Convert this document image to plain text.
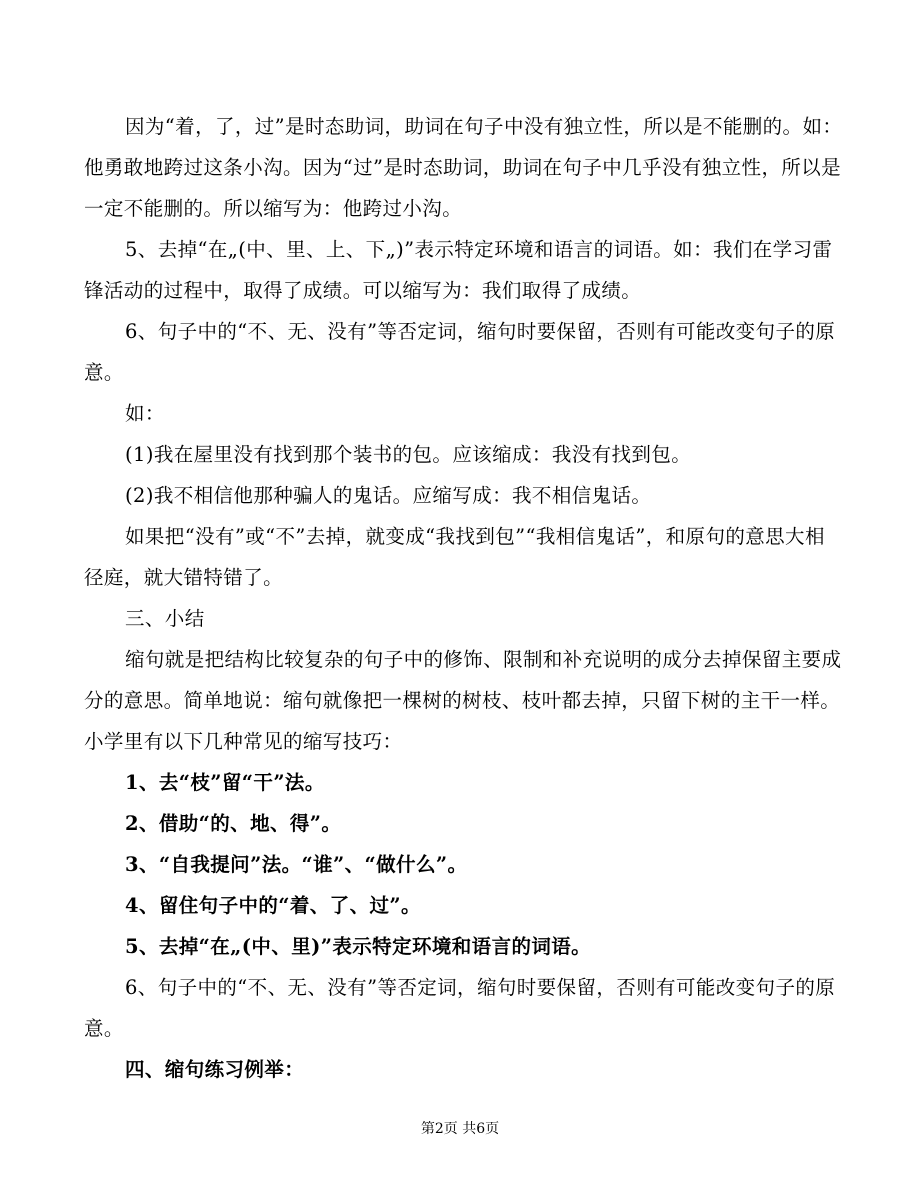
因为“着，了，过”是时态助词，助词在句子中没有独立性，所以是不能删的。如：他勇敢地跨过这条小沟。因为“过”是时态助词，助词在句子中几乎没有独立性，所以是一定不能删的。所以缩写为：他跨过小沟。

5、去掉“在„(中、里、上、下„)”表示特定环境和语言的词语。如：我们在学习雷锋活动的过程中，取得了成绩。可以缩写为：我们取得了成绩。

6、句子中的“不、无、没有”等否定词，缩句时要保留，否则有可能改变句子的原意。

如：

(1)我在屋里没有找到那个装书的包。应该缩成：我没有找到包。

(2)我不相信他那种骗人的鬼话。应缩写成：我不相信鬼话。

如果把“没有”或“不”去掉，就变成“我找到包”“我相信鬼话”，和原句的意思大相径庭，就大错特错了。

三、小结

缩句就是把结构比较复杂的句子中的修饰、限制和补充说明的成分去掉保留主要成分的意思。简单地说：缩句就像把一棵树的树枝、枝叶都去掉，只留下树的主干一样。小学里有以下几种常见的缩写技巧：

1、去“枝”留“干”法。

2、借助“的、地、得”。

3、“自我提问”法。“谁”、“做什么”。

4、留住句子中的“着、了、过”。

5、去掉“在„(中、里)”表示特定环境和语言的词语。

6、句子中的“不、无、没有”等否定词，缩句时要保留，否则有可能改变句子的原意。

四、缩句练习例举：

第2页 共6页
